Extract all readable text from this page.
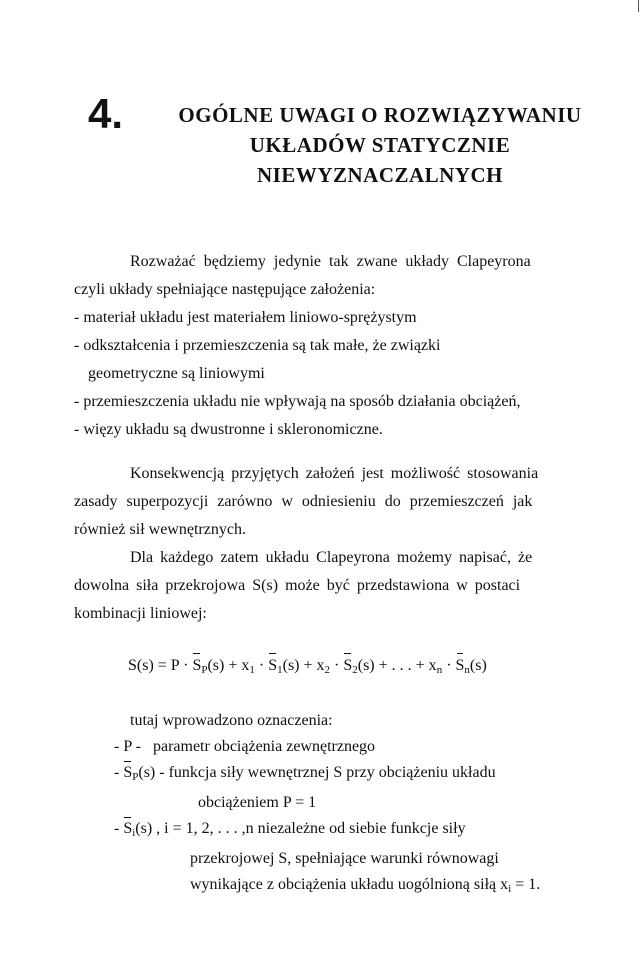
4.	OGÓLNE UWAGI O ROZWIĄZYWANIU
UKŁADÓW STATYCZNIE
NIEWYZNACZALNYCH
Rozważać będziemy jedynie tak zwane układy Clapeyrona
czyli układy spełniające następujące założenia:
- materiał układu jest materiałem liniowo-sprężystym
- odkształcenia i przemieszczenia są tak małe, że związki
geometryczne są liniowymi
- przemieszczenia układu nie wpływają na sposób działania obciążeń,
- więzy układu są dwustronne i skleronomiczne.
Konsekwencją przyjętych założeń jest możliwość stosowania
zasady superpozycji zarówno w odniesieniu do przemieszczeń jak
również sił wewnętrznych.
Dla każdego zatem układu Clapeyrona możemy napisać, że
dowolna siła przekrojowa S(s) może być przedstawiona w postaci
kombinacji liniowej:
$S(s) = P \cdot S_P(s) + x_1 \cdot S_1(s) + x_2 \cdot S_2(s)$ + . . . + $x_n \cdot S_n(s)$
tutaj wprowadzono oznaczenia:
- P - parametr obciążenia zewnętrznego
- $S_P(s)$ - funkcja siły wewnętrznej S przy obciążeniu układu
obciążeniem P = 1
- $S_i(s)$ , i = 1, 2, . . . ,n niezależne od siebie funkcje siły
przekrojowej S, spełniające warunki równowagi
wynikające z obciążenia układu uogólnioną siłą $x_i = 1$.
